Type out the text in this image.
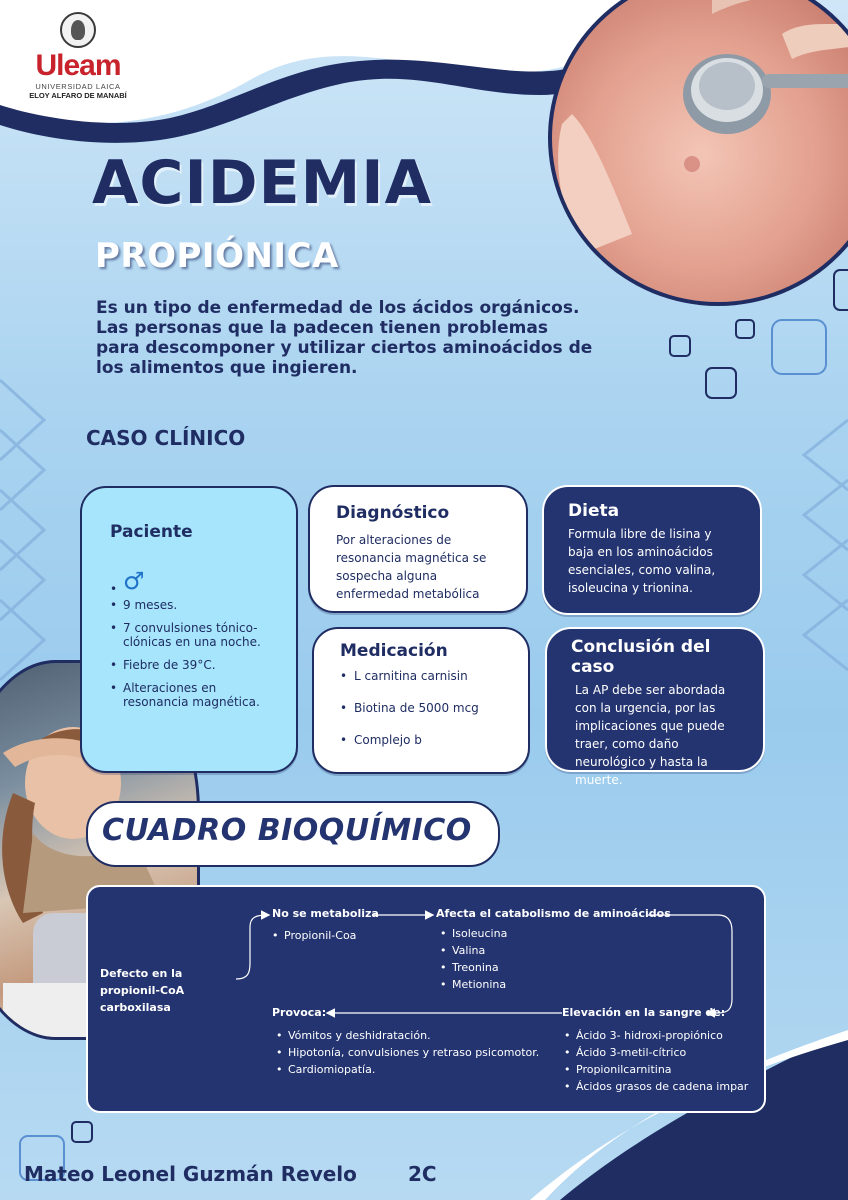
Uleam
UNIVERSIDAD LAICA
ELOY ALFARO DE MANABÍ
ACIDEMIA
PROPIÓNICA

Es un tipo de enfermedad de los ácidos orgánicos. Las personas que la padecen tienen problemas para descomponer y utilizar ciertos aminoácidos de los alimentos que ingieren.

CASO CLÍNICO
Paciente
• ♂
• 9 meses.
• 7 convulsiones tónico-clónicas en una noche.
• Fiebre de 39°C.
• Alteraciones en resonancia magnética.
Diagnóstico
Por alteraciones de resonancia magnética se sospecha alguna enfermedad metabólica
Medicación
• L carnitina carnisin
• Biotina de 5000 mcg
• Complejo b
Dieta
Formula libre de lisina y baja en los aminoácidos esenciales, como valina, isoleucina y trionina.
Conclusión del caso
La AP debe ser abordada con la urgencia, por las implicaciones que puede traer, como daño neurológico y hasta la muerte.
CUADRO BIOQUÍMICO
Defecto en la propionil-CoA carboxilasa
No se metaboliza
• Propionil-Coa
Afecta el catabolismo de aminoácidos
• Isoleucina
• Valina
• Treonina
• Metionina
Elevación en la sangre de:
• Ácido 3- hidroxi-propiónico
• Ácido 3-metil-cítrico
• Propionilcarnitina
• Ácidos grasos de cadena impar
Provoca:
• Vómitos y deshidratación.
• Hipotonía, convulsiones y retraso psicomotor.
• Cardiomiopatía.
Mateo Leonel Guzmán Revelo	2C
